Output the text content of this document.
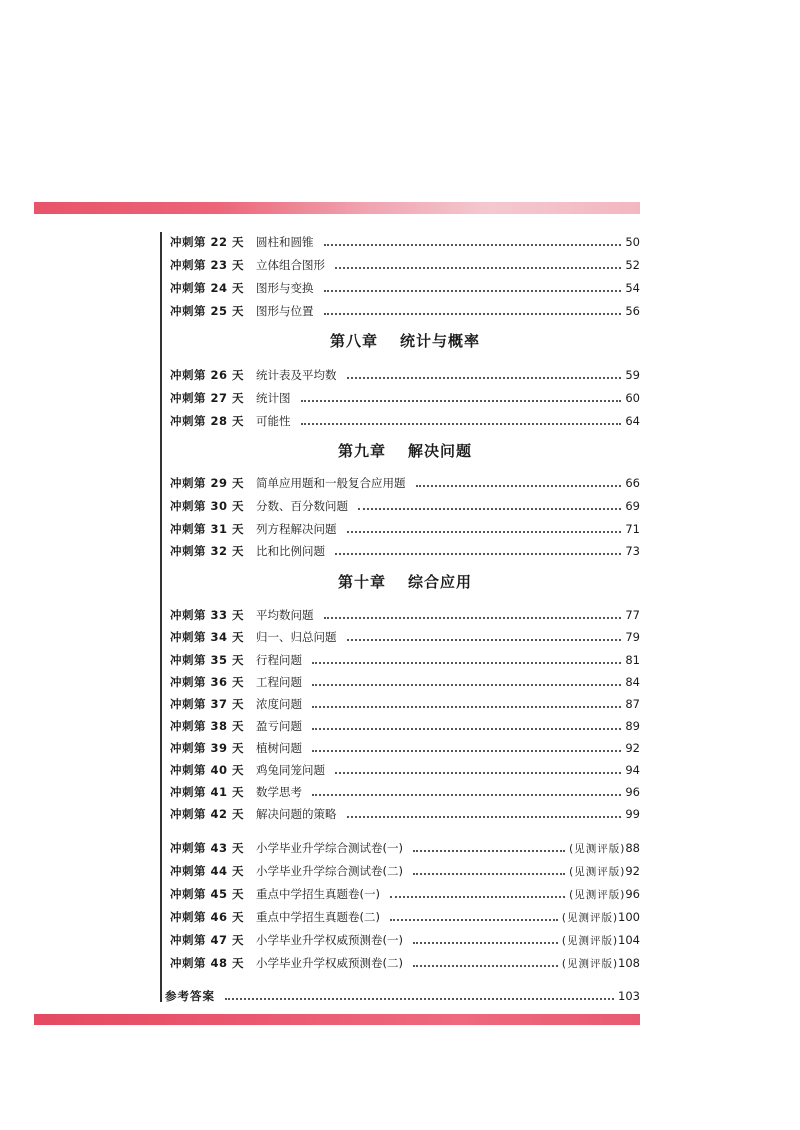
冲刺第 22 天	圆柱和圆锥	50
冲刺第 23 天	立体组合图形	52
冲刺第 24 天	图形与变换	54
冲刺第 25 天	图形与位置	56
第八章 统计与概率
冲刺第 26 天	统计表及平均数	59
冲刺第 27 天	统计图	60
冲刺第 28 天	可能性	64
第九章 解决问题
冲刺第 29 天	简单应用题和一般复合应用题	66
冲刺第 30 天	分数、百分数问题	69
冲刺第 31 天	列方程解决问题	71
冲刺第 32 天	比和比例问题	73
第十章 综合应用
冲刺第 33 天	平均数问题	77
冲刺第 34 天	归一、归总问题	79
冲刺第 35 天	行程问题	81
冲刺第 36 天	工程问题	84
冲刺第 37 天	浓度问题	87
冲刺第 38 天	盈亏问题	89
冲刺第 39 天	植树问题	92
冲刺第 40 天	鸡兔同笼问题	94
冲刺第 41 天	数学思考	96
冲刺第 42 天	解决问题的策略	99
冲刺第 43 天	小学毕业升学综合测试卷(一)	(见测评版) 88
冲刺第 44 天	小学毕业升学综合测试卷(二)	(见测评版) 92
冲刺第 45 天	重点中学招生真题卷(一)	(见测评版) 96
冲刺第 46 天	重点中学招生真题卷(二)	(见测评版) 100
冲刺第 47 天	小学毕业升学权威预测卷(一)	(见测评版) 104
冲刺第 48 天	小学毕业升学权威预测卷(二)	(见测评版) 108
参考答案	103
